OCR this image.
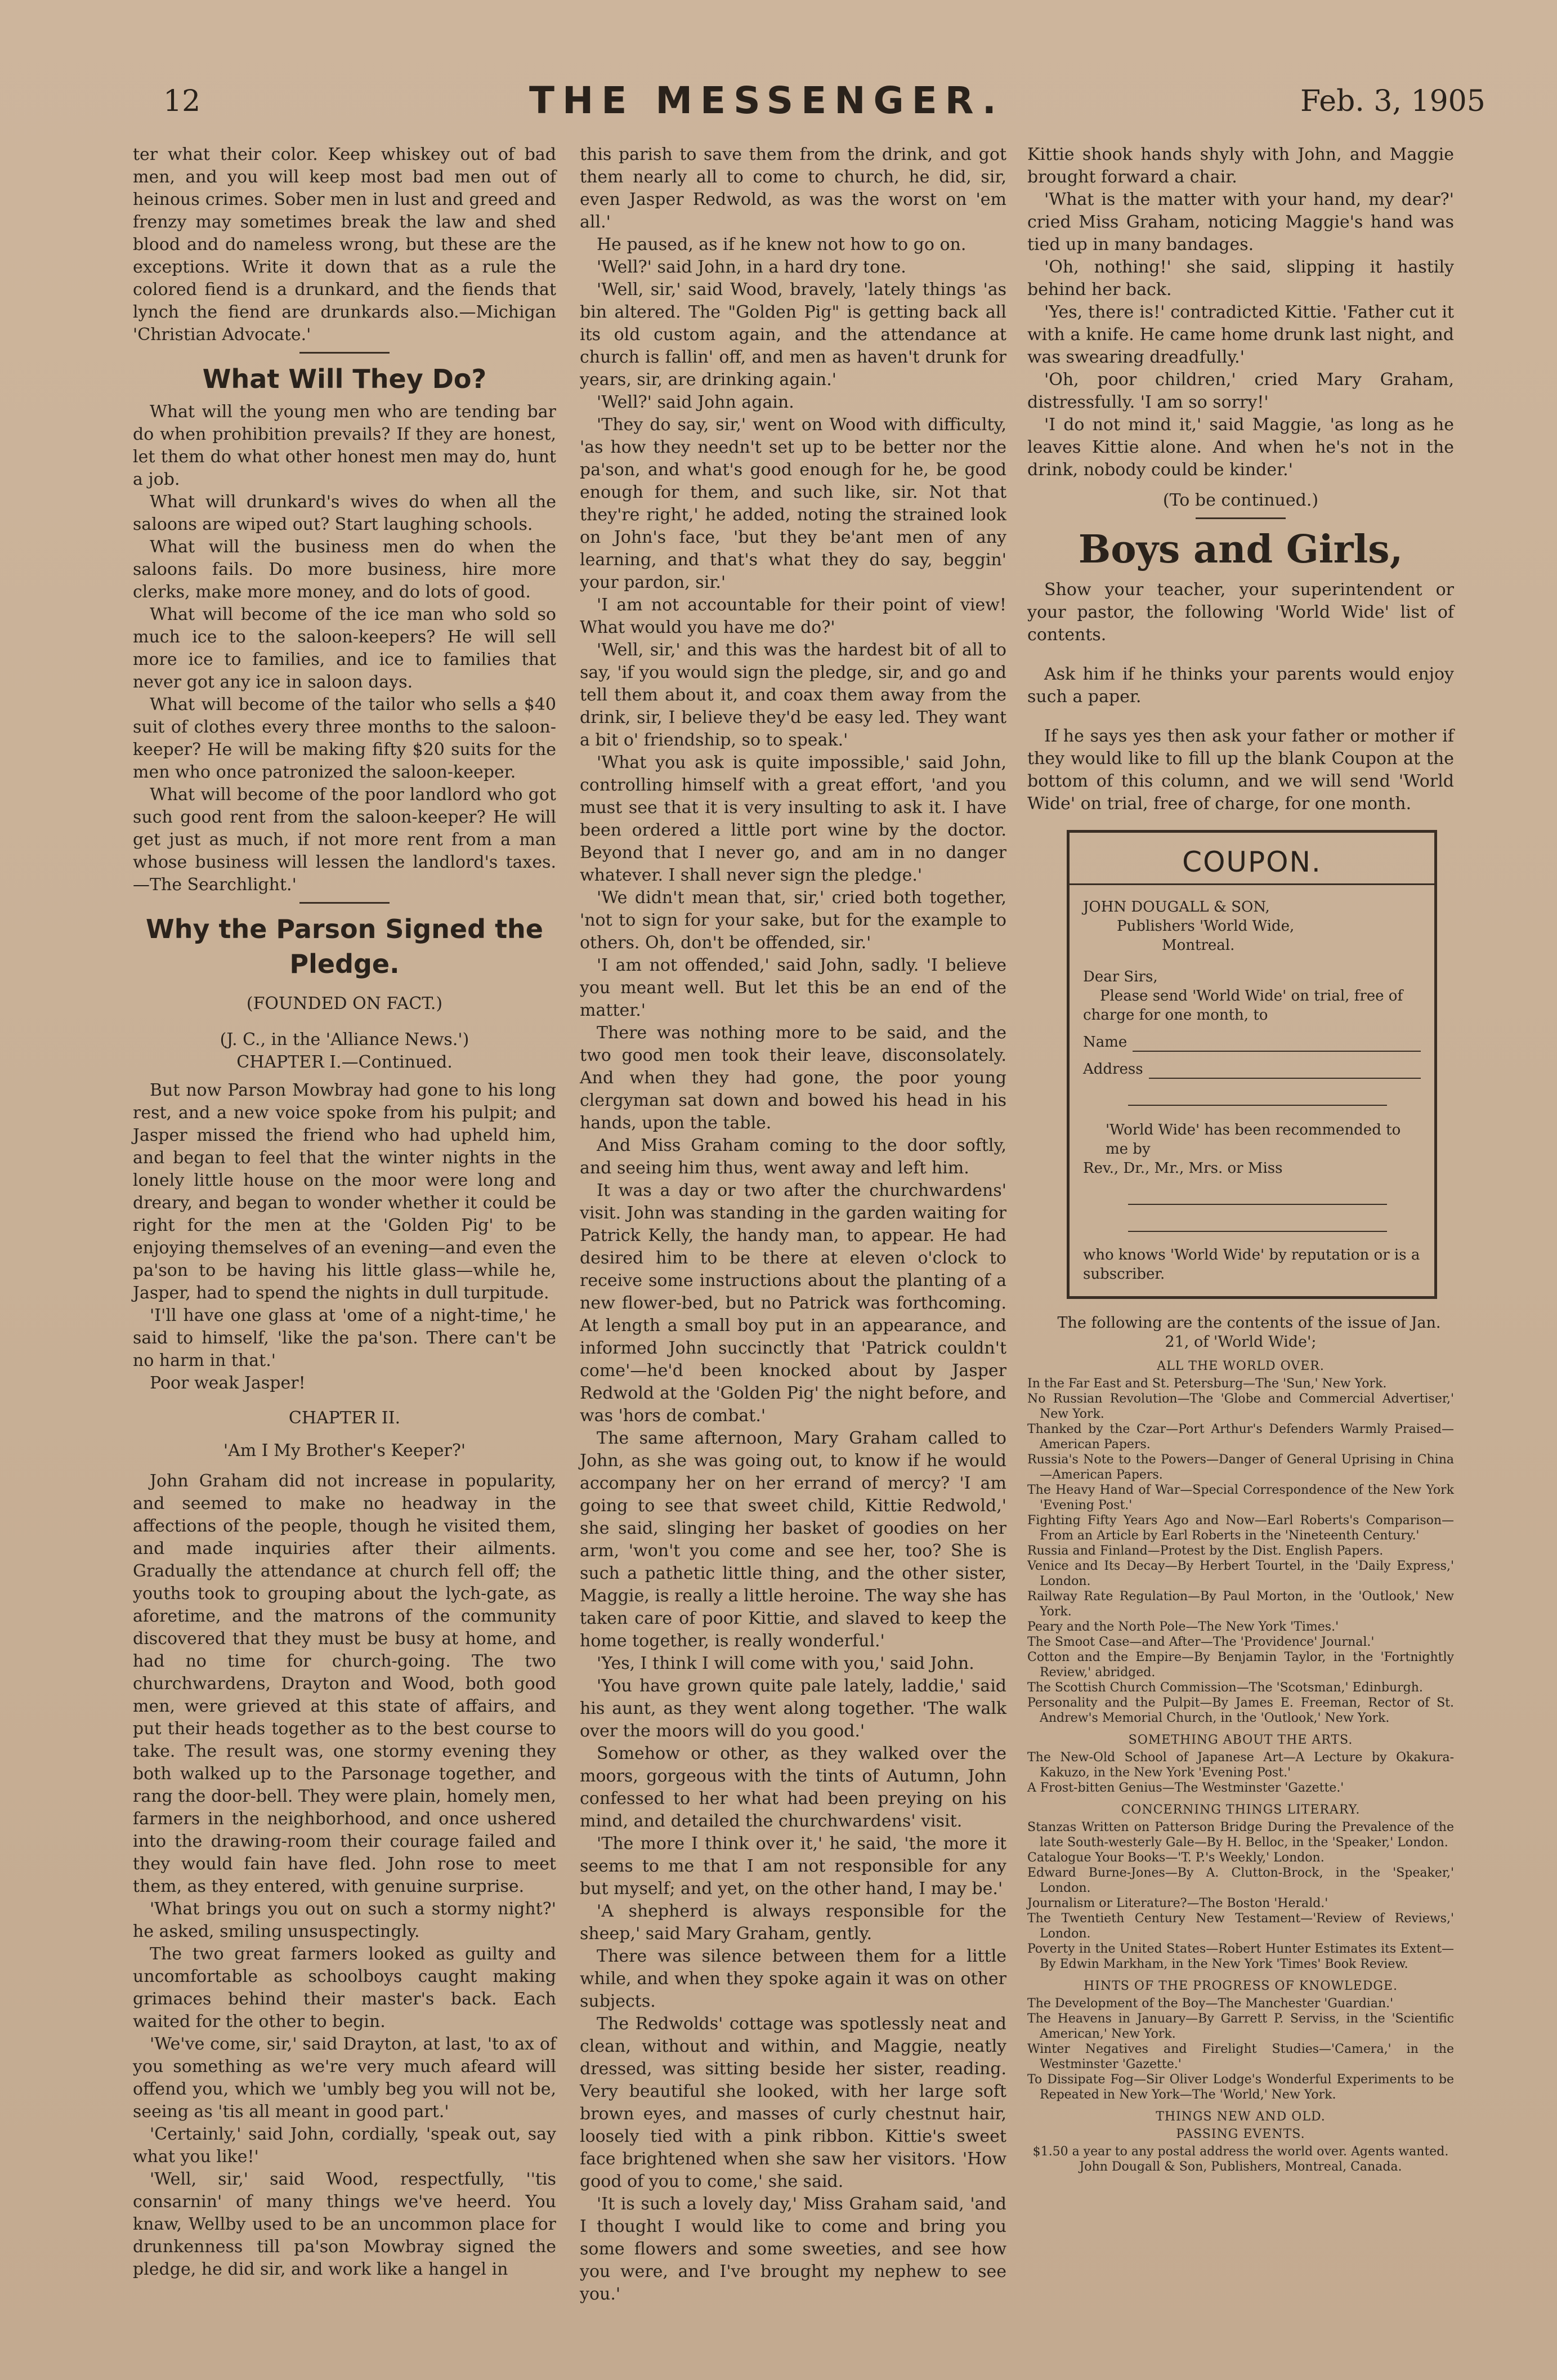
12	THE MESSENGER.	Feb. 3, 1905

ter what their color. Keep whiskey out of bad men, and you will keep most bad men out of heinous crimes. Sober men in lust and greed and frenzy may sometimes break the law and shed blood and do nameless wrong, but these are the exceptions. Write it down that as a rule the colored fiend is a drunkard, and the fiends that lynch the fiend are drunkards also.—Michigan 'Christian Advocate.'

What Will They Do?

What will the young men who are tending bar do when prohibition prevails? If they are honest, let them do what other honest men may do, hunt a job.

What will drunkard's wives do when all the saloons are wiped out? Start laughing schools.

What will the business men do when the saloons fails. Do more business, hire more clerks, make more money, and do lots of good.

What will become of the ice man who sold so much ice to the saloon-keepers? He will sell more ice to families, and ice to families that never got any ice in saloon days.

What will become of the tailor who sells a $40 suit of clothes every three months to the saloon-keeper? He will be making fifty $20 suits for the men who once patronized the saloon-keeper.

What will become of the poor landlord who got such good rent from the saloon-keeper? He will get just as much, if not more rent from a man whose business will lessen the landlord's taxes.—The Searchlight.'

Why the Parson Signed the Pledge.

(FOUNDED ON FACT.)

(J. C., in the 'Alliance News.')

CHAPTER I.—Continued.

But now Parson Mowbray had gone to his long rest, and a new voice spoke from his pulpit; and Jasper missed the friend who had upheld him, and began to feel that the winter nights in the lonely little house on the moor were long and dreary, and began to wonder whether it could be right for the men at the 'Golden Pig' to be enjoying themselves of an evening—and even the pa'son to be having his little glass—while he, Jasper, had to spend the nights in dull turpitude.

'I'll have one glass at 'ome of a night-time,' he said to himself, 'like the pa'son. There can't be no harm in that.'

Poor weak Jasper!

CHAPTER II.

'Am I My Brother's Keeper?'

John Graham did not increase in popularity, and seemed to make no headway in the affections of the people, though he visited them, and made inquiries after their ailments. Gradually the attendance at church fell off; the youths took to grouping about the lych-gate, as aforetime, and the matrons of the community discovered that they must be busy at home, and had no time for church-going. The two churchwardens, Drayton and Wood, both good men, were grieved at this state of affairs, and put their heads together as to the best course to take. The result was, one stormy evening they both walked up to the Parsonage together, and rang the door-bell. They were plain, homely men, farmers in the neighborhood, and once ushered into the drawing-room their courage failed and they would fain have fled. John rose to meet them, as they entered, with genuine surprise.

'What brings you out on such a stormy night?' he asked, smiling unsuspectingly.

The two great farmers looked as guilty and uncomfortable as schoolboys caught making grimaces behind their master's back. Each waited for the other to begin.

'We've come, sir,' said Drayton, at last, 'to ax of you something as we're very much afeard will offend you, which we 'umbly beg you will not be, seeing as 'tis all meant in good part.'

'Certainly,' said John, cordially, 'speak out, say what you like!'

'Well, sir,' said Wood, respectfully, ''tis consarnin' of many things we've heerd. You knaw, Wellby used to be an uncommon place for drunkenness till pa'son Mowbray signed the pledge, he did sir, and work like a hangel in

this parish to save them from the drink, and got them nearly all to come to church, he did, sir, even Jasper Redwold, as was the worst on 'em all.'

He paused, as if he knew not how to go on.

'Well?' said John, in a hard dry tone.

'Well, sir,' said Wood, bravely, 'lately things 'as bin altered. The "Golden Pig" is getting back all its old custom again, and the attendance at church is fallin' off, and men as haven't drunk for years, sir, are drinking again.'

'Well?' said John again.

'They do say, sir,' went on Wood with difficulty, 'as how they needn't set up to be better nor the pa'son, and what's good enough for he, be good enough for them, and such like, sir. Not that they're right,' he added, noting the strained look on John's face, 'but they be'ant men of any learning, and that's what they do say, beggin' your pardon, sir.'

'I am not accountable for their point of view! What would you have me do?'

'Well, sir,' and this was the hardest bit of all to say, 'if you would sign the pledge, sir, and go and tell them about it, and coax them away from the drink, sir, I believe they'd be easy led. They want a bit o' friendship, so to speak.'

'What you ask is quite impossible,' said John, controlling himself with a great effort, 'and you must see that it is very insulting to ask it. I have been ordered a little port wine by the doctor. Beyond that I never go, and am in no danger whatever. I shall never sign the pledge.'

'We didn't mean that, sir,' cried both together, 'not to sign for your sake, but for the example to others. Oh, don't be offended, sir.'

'I am not offended,' said John, sadly. 'I believe you meant well. But let this be an end of the matter.'

There was nothing more to be said, and the two good men took their leave, disconsolately. And when they had gone, the poor young clergyman sat down and bowed his head in his hands, upon the table.

And Miss Graham coming to the door softly, and seeing him thus, went away and left him.

It was a day or two after the churchwardens' visit. John was standing in the garden waiting for Patrick Kelly, the handy man, to appear. He had desired him to be there at eleven o'clock to receive some instructions about the planting of a new flower-bed, but no Patrick was forthcoming. At length a small boy put in an appearance, and informed John succinctly that 'Patrick couldn't come'—he'd been knocked about by Jasper Redwold at the 'Golden Pig' the night before, and was 'hors de combat.'

The same afternoon, Mary Graham called to John, as she was going out, to know if he would accompany her on her errand of mercy? 'I am going to see that sweet child, Kittie Redwold,' she said, slinging her basket of goodies on her arm, 'won't you come and see her, too? She is such a pathetic little thing, and the other sister, Maggie, is really a little heroine. The way she has taken care of poor Kittie, and slaved to keep the home together, is really wonderful.'

'Yes, I think I will come with you,' said John.

'You have grown quite pale lately, laddie,' said his aunt, as they went along together. 'The walk over the moors will do you good.'

Somehow or other, as they walked over the moors, gorgeous with the tints of Autumn, John confessed to her what had been preying on his mind, and detailed the churchwardens' visit.

'The more I think over it,' he said, 'the more it seems to me that I am not responsible for any but myself; and yet, on the other hand, I may be.'

'A shepherd is always responsible for the sheep,' said Mary Graham, gently.

There was silence between them for a little while, and when they spoke again it was on other subjects.

The Redwolds' cottage was spotlessly neat and clean, without and within, and Maggie, neatly dressed, was sitting beside her sister, reading. Very beautiful she looked, with her large soft brown eyes, and masses of curly chestnut hair, loosely tied with a pink ribbon. Kittie's sweet face brightened when she saw her visitors. 'How good of you to come,' she said.

'It is such a lovely day,' Miss Graham said, 'and I thought I would like to come and bring you some flowers and some sweeties, and see how you were, and I've brought my nephew to see you.'

Kittie shook hands shyly with John, and Maggie brought forward a chair.

'What is the matter with your hand, my dear?' cried Miss Graham, noticing Maggie's hand was tied up in many bandages.

'Oh, nothing!' she said, slipping it hastily behind her back.

'Yes, there is!' contradicted Kittie. 'Father cut it with a knife. He came home drunk last night, and was swearing dreadfully.'

'Oh, poor children,' cried Mary Graham, distressfully. 'I am so sorry!'

'I do not mind it,' said Maggie, 'as long as he leaves Kittie alone. And when he's not in the drink, nobody could be kinder.'

(To be continued.)

Boys and Girls,

Show your teacher, your superintendent or your pastor, the following 'World Wide' list of contents.

Ask him if he thinks your parents would enjoy such a paper.

If he says yes then ask your father or mother if they would like to fill up the blank Coupon at the bottom of this column, and we will send 'World Wide' on trial, free of charge, for one month.

COUPON.
JOHN DOUGALL & SON,
Publishers 'World Wide,
Montreal.
Dear Sirs,
Please send 'World Wide' on trial, free of charge for one month, to
Name
Address
'World Wide' has been recommended to me by
Rev., Dr., Mr., Mrs. or Miss
who knows 'World Wide' by reputation or is a subscriber.

The following are the contents of the issue of Jan. 21, of 'World Wide';

ALL THE WORLD OVER.
In the Far East and St. Petersburg—The 'Sun,' New York.
No Russian Revolution—The 'Globe and Commercial Advertiser,' New York.
Thanked by the Czar—Port Arthur's Defenders Warmly Praised—American Papers.
Russia's Note to the Powers—Danger of General Uprising in China—American Papers.
The Heavy Hand of War—Special Correspondence of the New York 'Evening Post.'
Fighting Fifty Years Ago and Now—Earl Roberts's Comparison—From an Article by Earl Roberts in the 'Nineteenth Century.'
Russia and Finland—Protest by the Dist. English Papers.
Venice and Its Decay—By Herbert Tourtel, in the 'Daily Express,' London.
Railway Rate Regulation—By Paul Morton, in the 'Outlook,' New York.
Peary and the North Pole—The New York 'Times.'
The Smoot Case—and After—The 'Providence' Journal.'
Cotton and the Empire—By Benjamin Taylor, in the 'Fortnightly Review,' abridged.
The Scottish Church Commission—The 'Scotsman,' Edinburgh.
Personality and the Pulpit—By James E. Freeman, Rector of St. Andrew's Memorial Church, in the 'Outlook,' New York.
SOMETHING ABOUT THE ARTS.
The New-Old School of Japanese Art—A Lecture by Okakura-Kakuzo, in the New York 'Evening Post.'
A Frost-bitten Genius—The Westminster 'Gazette.'
CONCERNING THINGS LITERARY.
Stanzas Written on Patterson Bridge During the Prevalence of the late South-westerly Gale—By H. Belloc, in the 'Speaker,' London.
Catalogue Your Books—'T. P.'s Weekly,' London.
Edward Burne-Jones—By A. Clutton-Brock, in the 'Speaker,' London.
Journalism or Literature?—The Boston 'Herald.'
The Twentieth Century New Testament—'Review of Reviews,' London.
Poverty in the United States—Robert Hunter Estimates its Extent—By Edwin Markham, in the New York 'Times' Book Review.
HINTS OF THE PROGRESS OF KNOWLEDGE.
The Development of the Boy—The Manchester 'Guardian.'
The Heavens in January—By Garrett P. Serviss, in the 'Scientific American,' New York.
Winter Negatives and Firelight Studies—'Camera,' in the Westminster 'Gazette.'
To Dissipate Fog—Sir Oliver Lodge's Wonderful Experiments to be Repeated in New York—The 'World,' New York.
THINGS NEW AND OLD.
PASSING EVENTS.
$1.50 a year to any postal address the world over. Agents wanted. John Dougall & Son, Publishers, Montreal, Canada.
